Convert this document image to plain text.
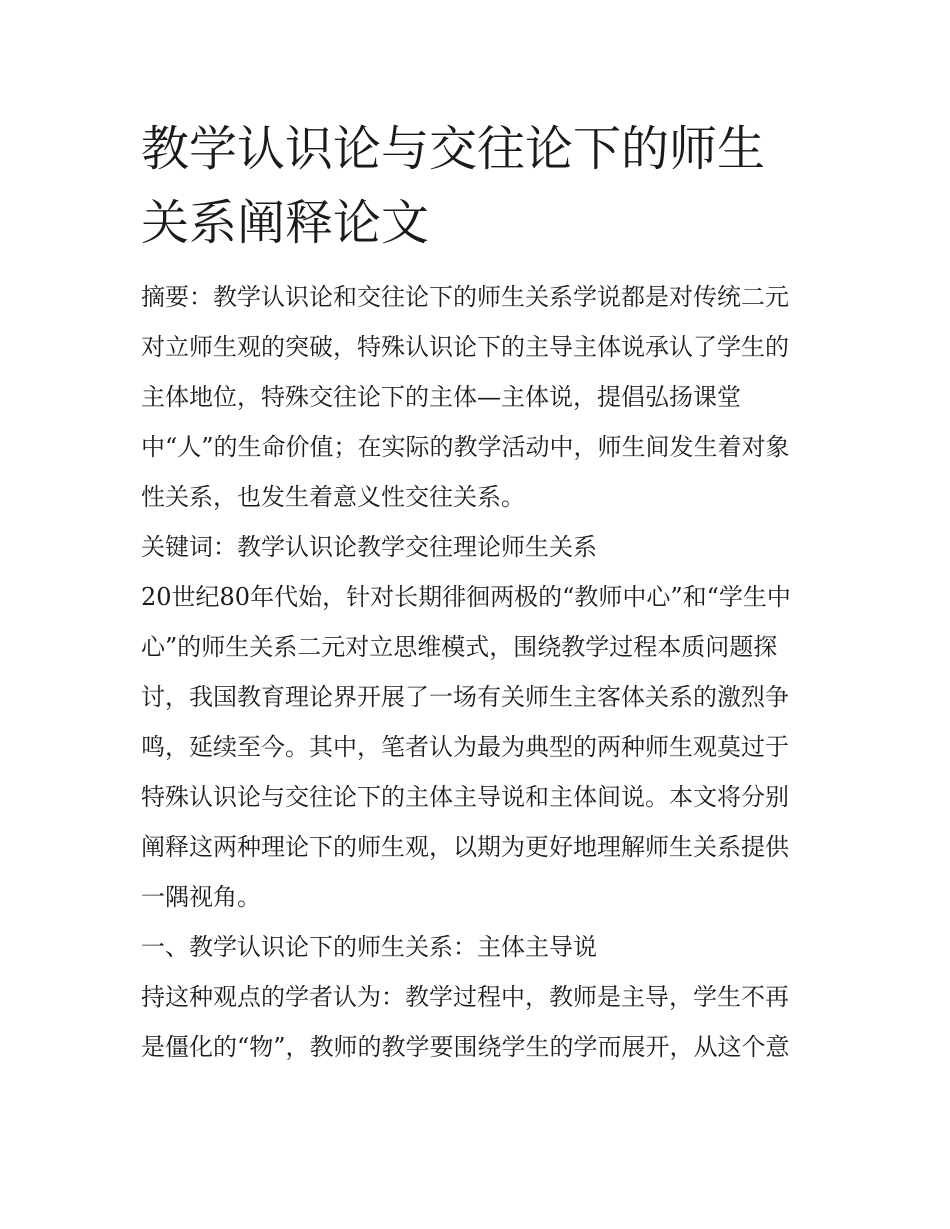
教学认识论与交往论下的师生
关系阐释论文
摘要：教学认识论和交往论下的师生关系学说都是对传统二元
对立师生观的突破，特殊认识论下的主导主体说承认了学生的
主体地位，特殊交往论下的主体—主体说，提倡弘扬课堂
中“人”的生命价值；在实际的教学活动中，师生间发生着对象
性关系，也发生着意义性交往关系。
关键词：教学认识论教学交往理论师生关系
20世纪80年代始，针对长期徘徊两极的“教师中心”和“学生中
心”的师生关系二元对立思维模式，围绕教学过程本质问题探
讨，我国教育理论界开展了一场有关师生主客体关系的激烈争
鸣，延续至今。其中，笔者认为最为典型的两种师生观莫过于
特殊认识论与交往论下的主体主导说和主体间说。本文将分别
阐释这两种理论下的师生观，以期为更好地理解师生关系提供
一隅视角。
一、教学认识论下的师生关系：主体主导说
持这种观点的学者认为：教学过程中，教师是主导，学生不再
是僵化的“物”，教师的教学要围绕学生的学而展开，从这个意
